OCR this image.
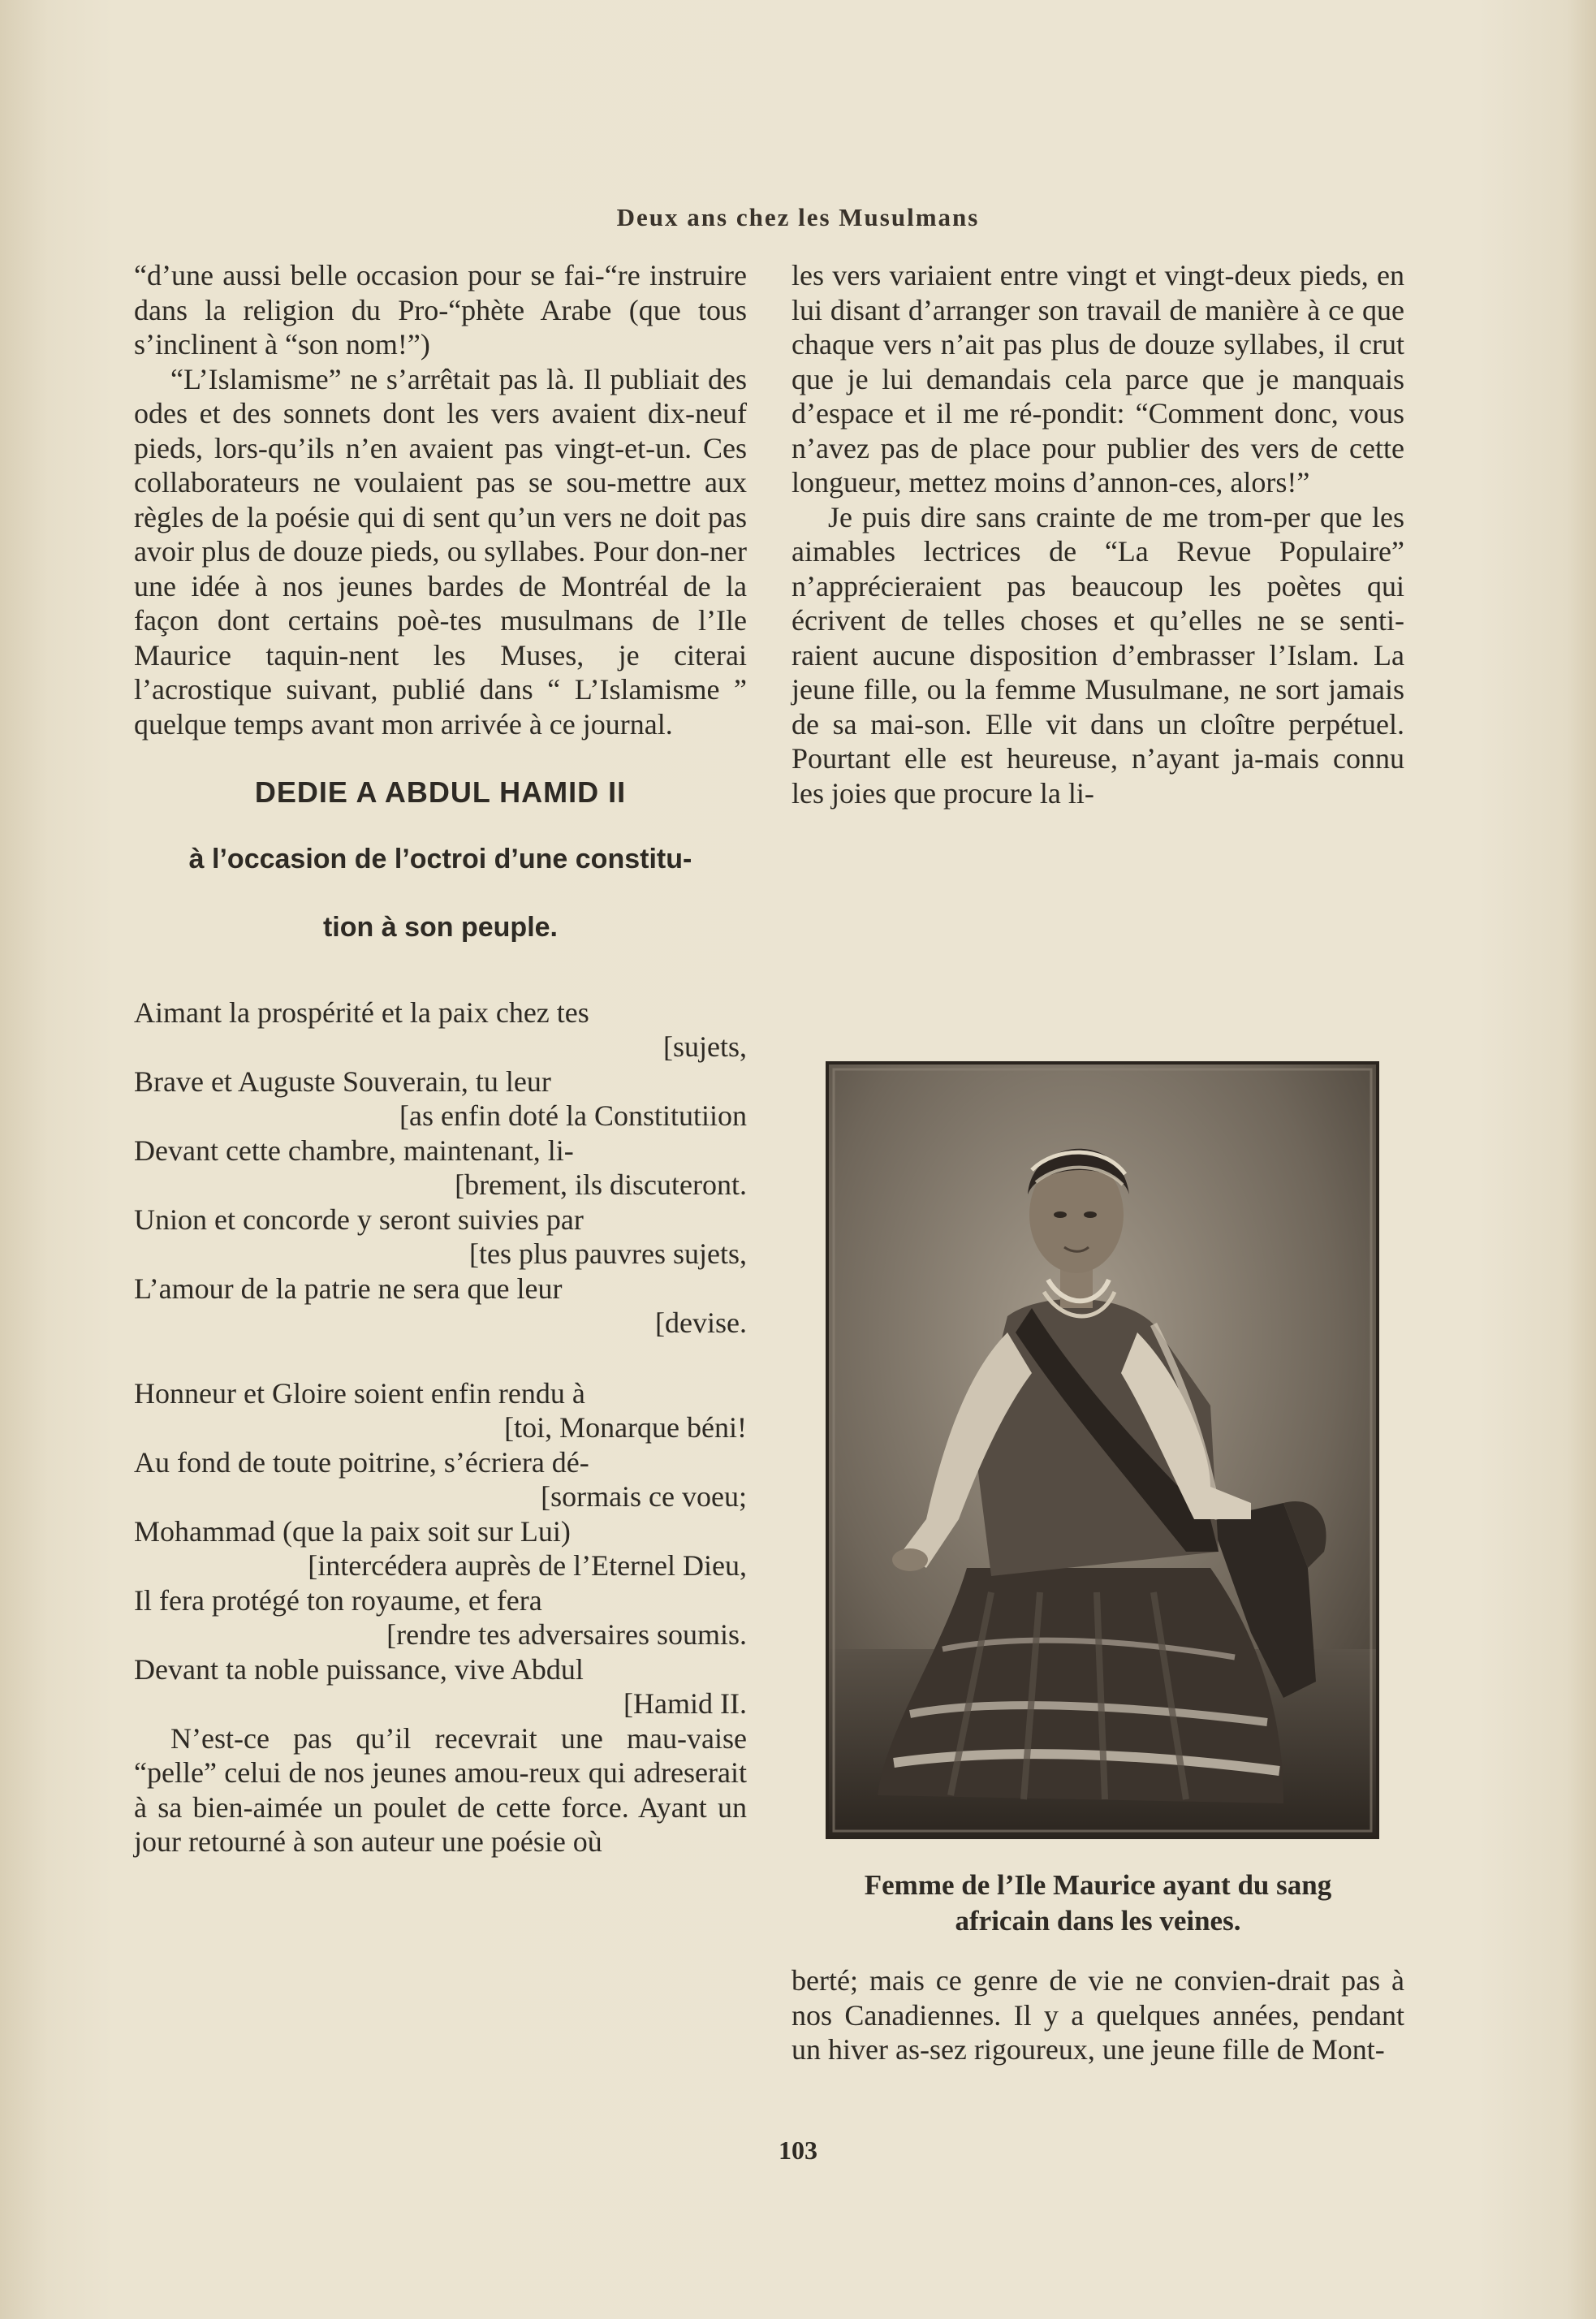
Deux ans chez les Musulmans

“d’une aussi belle occasion pour se fai-“re instruire dans la religion du Pro-“phète Arabe (que tous s’inclinent à “son nom!”)

“L’Islamisme” ne s’arrêtait pas là. Il publiait des odes et des sonnets dont les vers avaient dix-neuf pieds, lors-qu’ils n’en avaient pas vingt-et-un. Ces collaborateurs ne voulaient pas se sou-mettre aux règles de la poésie qui di sent qu’un vers ne doit pas avoir plus de douze pieds, ou syllabes. Pour don-ner une idée à nos jeunes bardes de Montréal de la façon dont certains poè-tes musulmans de l’Ile Maurice taquin-nent les Muses, je citerai l’acrostique suivant, publié dans “ L’Islamisme ” quelque temps avant mon arrivée à ce journal.

DEDIE A ABDUL HAMID II
à l’occasion de l’octroi d’une constitu-
tion à son peuple.
Aimant la prospérité et la paix chez tes
[sujets,
Brave et Auguste Souverain, tu leur
[as enfin doté la Constitutiion
Devant cette chambre, maintenant, li-
[brement, ils discuteront.
Union et concorde y seront suivies par
[tes plus pauvres sujets,
L’amour de la patrie ne sera que leur
[devise.
Honneur et Gloire soient enfin rendu à
[toi, Monarque béni!
Au fond de toute poitrine, s’écriera dé-
[sormais ce voeu;
Mohammad (que la paix soit sur Lui)
[intercédera auprès de l’Eternel Dieu,
Il fera protégé ton royaume, et fera
[rendre tes adversaires soumis.
Devant ta noble puissance, vive Abdul
[Hamid II.

N’est-ce pas qu’il recevrait une mau-vaise “pelle” celui de nos jeunes amou-reux qui adreserait à sa bien-aimée un poulet de cette force. Ayant un jour retourné à son auteur une poésie où

les vers variaient entre vingt et vingt-deux pieds, en lui disant d’arranger son travail de manière à ce que chaque vers n’ait pas plus de douze syllabes, il crut que je lui demandais cela parce que je manquais d’espace et il me ré-pondit: “Comment donc, vous n’avez pas de place pour publier des vers de cette longueur, mettez moins d’annon-ces, alors!”

Je puis dire sans crainte de me trom-per que les aimables lectrices de “La Revue Populaire” n’apprécieraient pas beaucoup les poètes qui écrivent de telles choses et qu’elles ne se senti-raient aucune disposition d’embrasser l’Islam. La jeune fille, ou la femme Musulmane, ne sort jamais de sa mai-son. Elle vit dans un cloître perpétuel. Pourtant elle est heureuse, n’ayant ja-mais connu les joies que procure la li-

Femme de l’Ile Maurice ayant du sang
africain dans les veines.

berté; mais ce genre de vie ne convien-drait pas à nos Canadiennes. Il y a quelques années, pendant un hiver as-sez rigoureux, une jeune fille de Mont-

103
